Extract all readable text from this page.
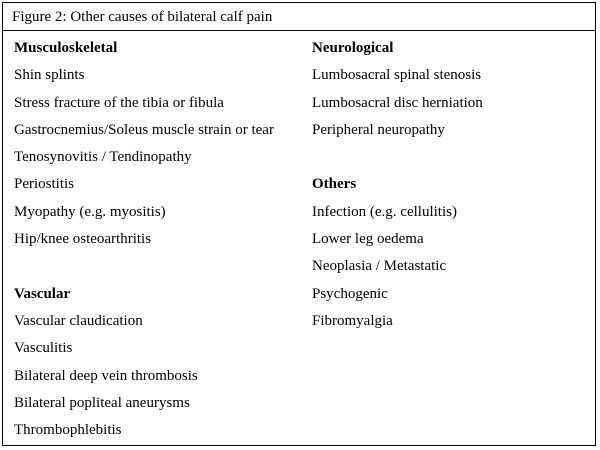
Figure 2: Other causes of bilateral calf pain
Musculoskeletal
Shin splints
Stress fracture of the tibia or fibula
Gastrocnemius/Soleus muscle strain or tear
Tenosynovitis / Tendinopathy
Periostitis
Myopathy (e.g. myositis)
Hip/knee osteoarthritis
Vascular
Vascular claudication
Vasculitis
Bilateral deep vein thrombosis
Bilateral popliteal aneurysms
Thrombophlebitis
Neurological
Lumbosacral spinal stenosis
Lumbosacral disc herniation
Peripheral neuropathy
Others
Infection (e.g. cellulitis)
Lower leg oedema
Neoplasia / Metastatic
Psychogenic
Fibromyalgia
